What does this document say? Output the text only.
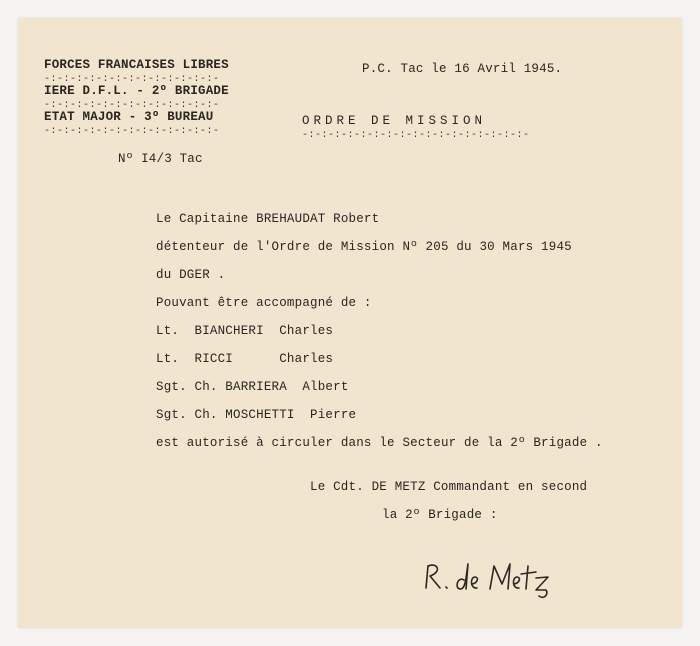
FORCES FRANCAISES LIBRES
-:-:-:-:-:-:-:-:-:-:-:-:-:-
IERE D.F.L. - 2º BRIGADE
-:-:-:-:-:-:-:-:-:-:-:-:-:-
ETAT MAJOR - 3º BUREAU
-:-:-:-:-:-:-:-:-:-:-:-:-:-
P.C. Tac le 16 Avril 1945.
ORDRE DE MISSION
-:-:-:-:-:-:-:-:-:-:-:-:-:-:-:-:-:-
Nº I4/3 Tac
Le Capitaine BREHAUDAT Robert
détenteur de l'Ordre de Mission Nº 205 du 30 Mars 1945
du DGER .
Pouvant être accompagné de :
Lt.  BIANCHERI  Charles
Lt.  RICCI      Charles
Sgt. Ch. BARRIERA  Albert
Sgt. Ch. MOSCHETTI  Pierre
est autorisé à circuler dans le Secteur de la 2º Brigade .
Le Cdt. DE METZ Commandant en second
la 2º Brigade :
